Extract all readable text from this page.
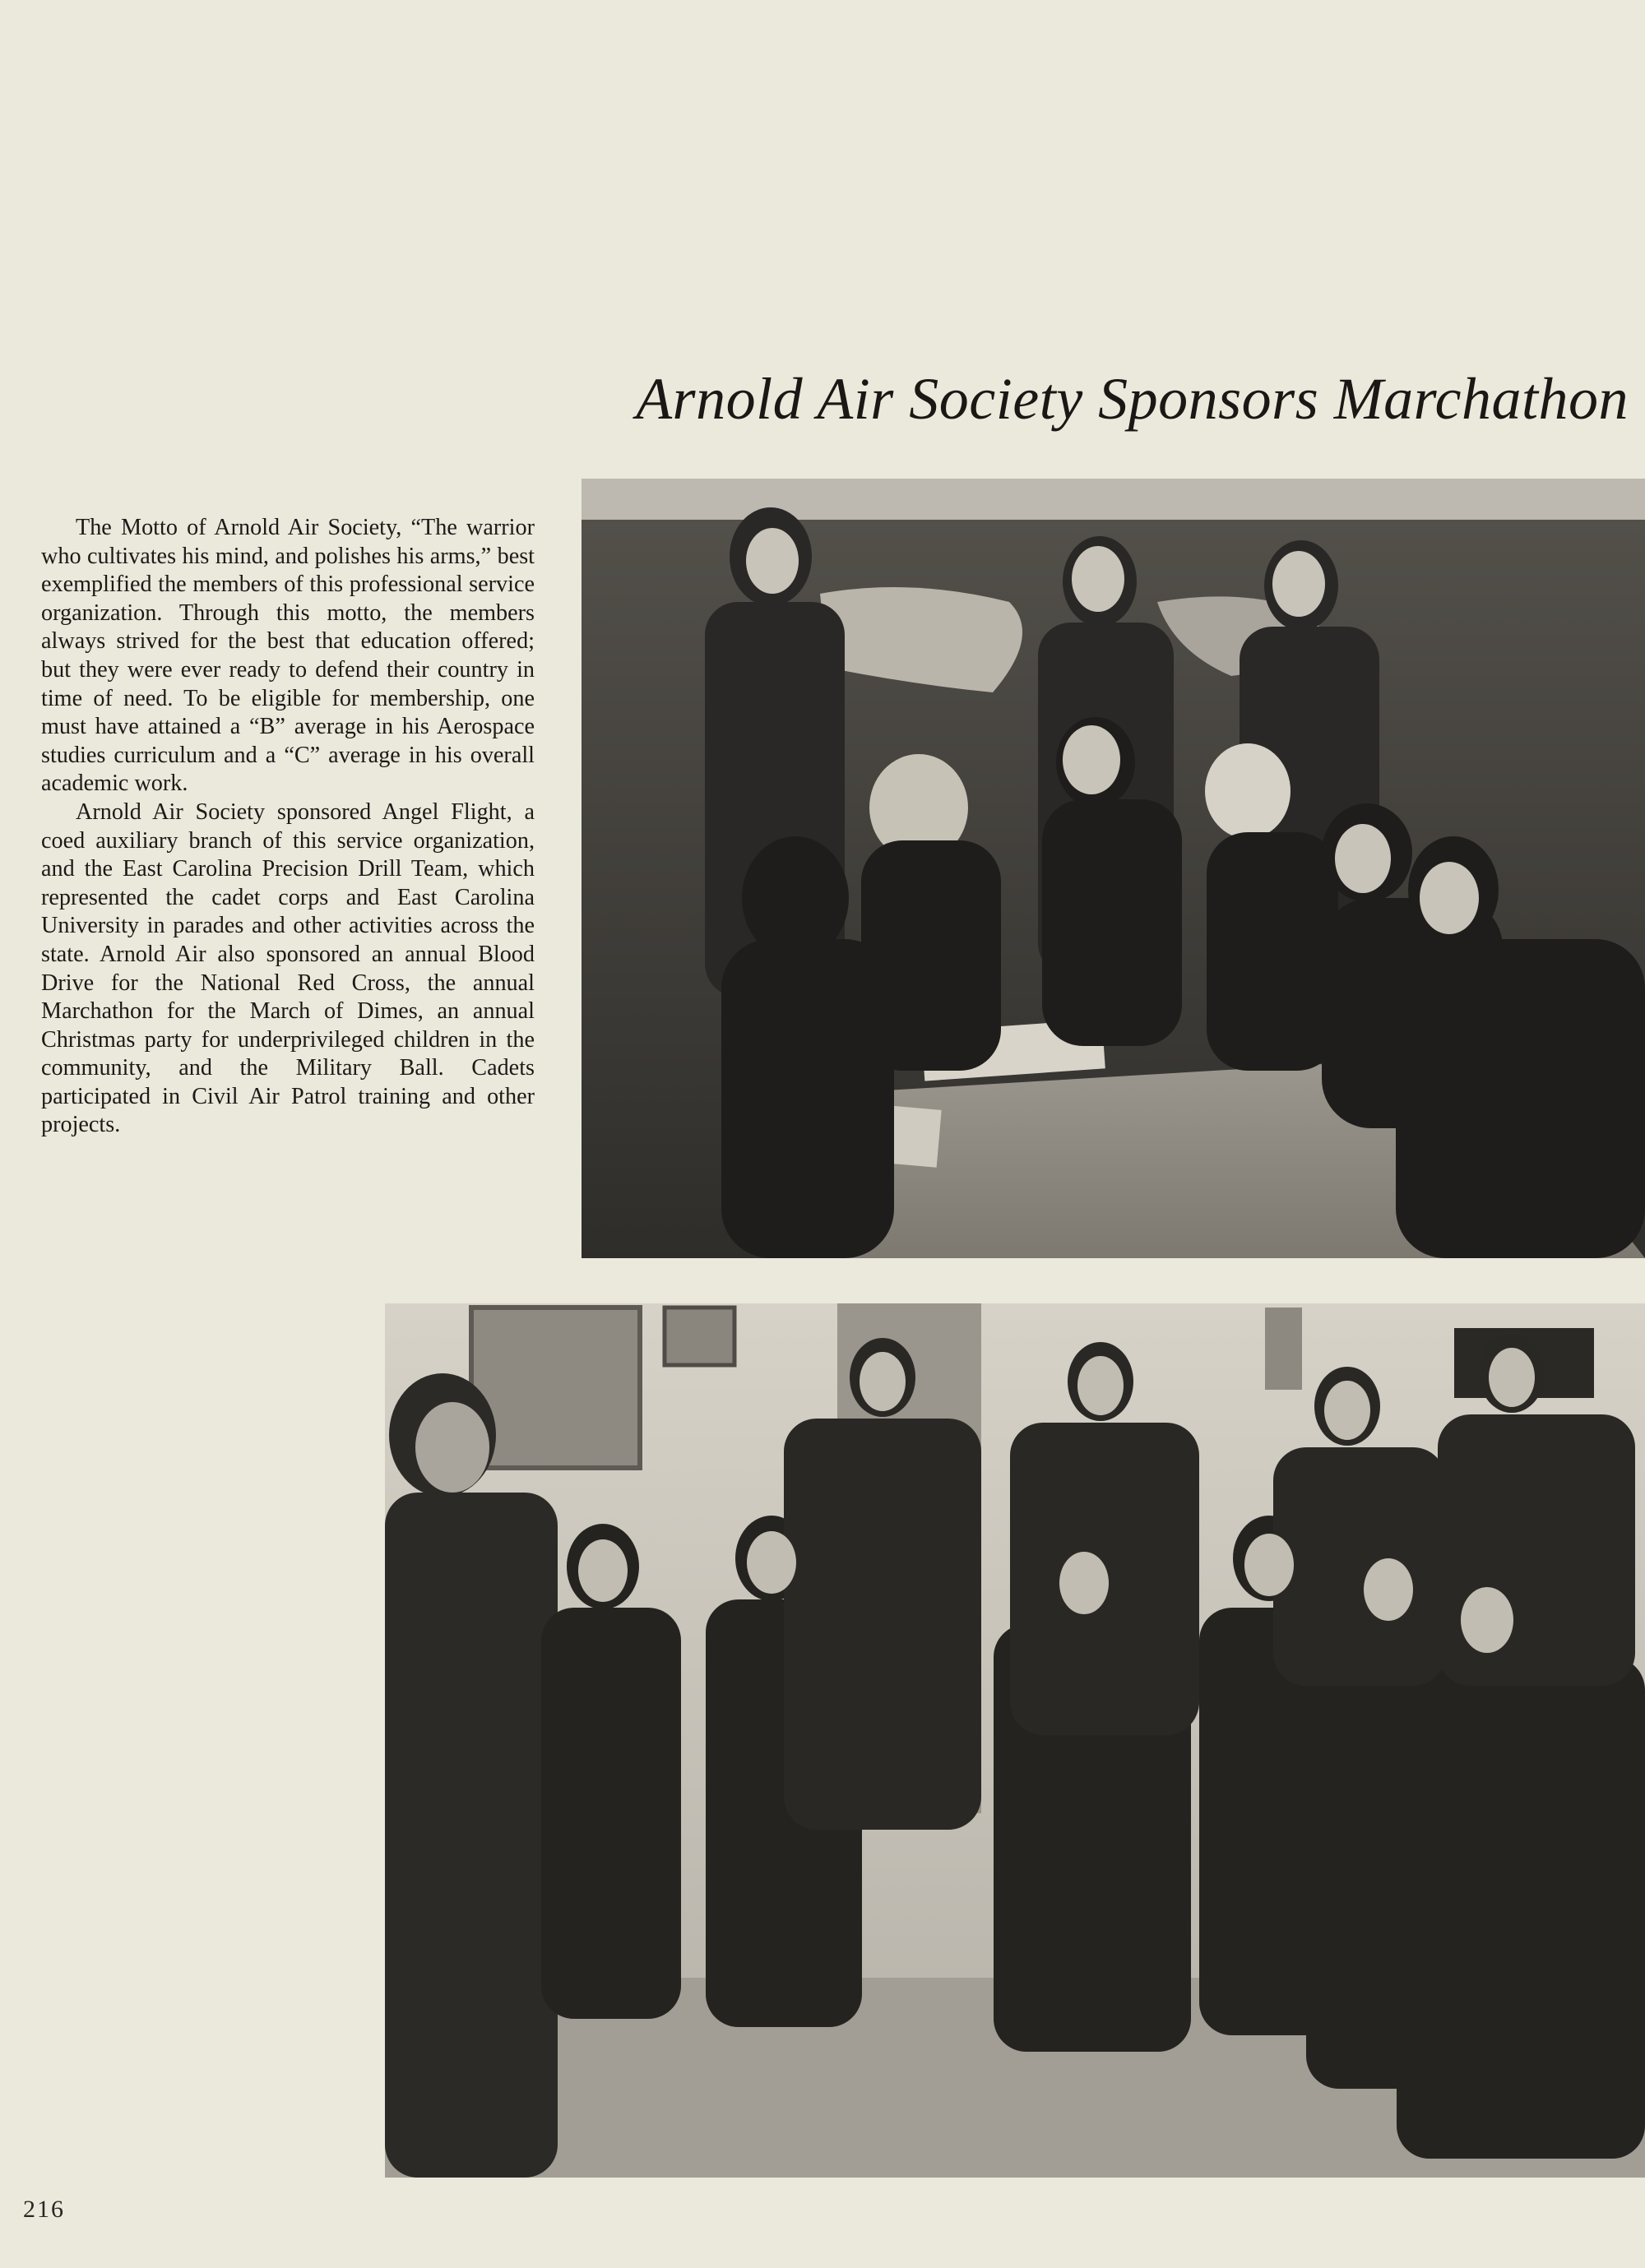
Arnold Air Society Sponsors Marchathon

The Motto of Arnold Air Society, “The warrior who cultivates his mind, and polishes his arms,” best exemplified the members of this professional service organization. Through this motto, the members always strived for the best that education offered; but they were ever ready to defend their country in time of need. To be eligible for membership, one must have attained a “B” average in his Aerospace studies curriculum and a “C” average in his overall academic work.

Arnold Air Society sponsored Angel Flight, a coed auxiliary branch of this service organization, and the East Carolina Precision Drill Team, which represented the cadet corps and East Carolina University in parades and other activities across the state. Arnold Air also sponsored an annual Blood Drive for the National Red Cross, the annual Marchathon for the March of Dimes, an annual Christmas party for underprivileged children in the community, and the Military Ball. Cadets participated in Civil Air Patrol training and other projects.

216
